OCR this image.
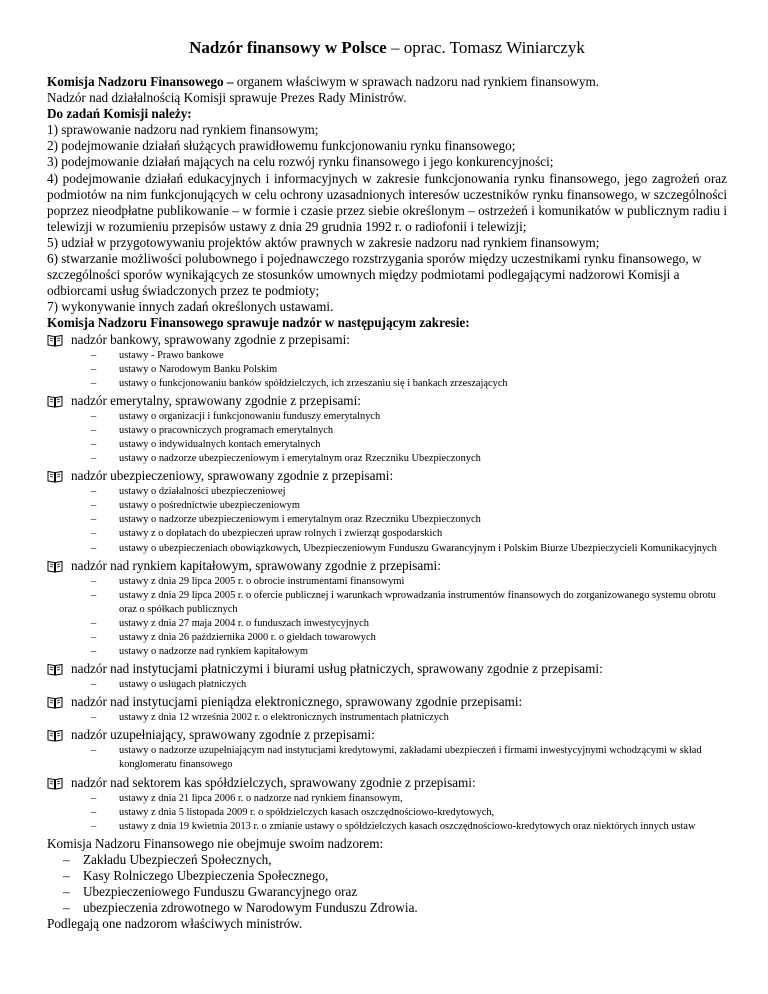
Nadzór finansowy w Polsce – oprac. Tomasz Winiarczyk
Komisja Nadzoru Finansowego – organem właściwym w sprawach nadzoru nad rynkiem finansowym.
Nadzór nad działalnością Komisji sprawuje Prezes Rady Ministrów.
Do zadań Komisji należy:
1) sprawowanie nadzoru nad rynkiem finansowym;
2) podejmowanie działań służących prawidłowemu funkcjonowaniu rynku finansowego;
3) podejmowanie działań mających na celu rozwój rynku finansowego i jego konkurencyjności;
4) podejmowanie działań edukacyjnych i informacyjnych w zakresie funkcjonowania rynku finansowego, jego zagrożeń oraz podmiotów na nim funkcjonujących w celu ochrony uzasadnionych interesów uczestników rynku finansowego, w szczególności poprzez nieodpłatne publikowanie – w formie i czasie przez siebie określonym – ostrzeżeń i komunikatów w publicznym radiu i telewizji w rozumieniu przepisów ustawy z dnia 29 grudnia 1992 r. o radiofonii i telewizji;
5) udział w przygotowywaniu projektów aktów prawnych w zakresie nadzoru nad rynkiem finansowym;
6) stwarzanie możliwości polubownego i pojednawczego rozstrzygania sporów między uczestnikami rynku finansowego, w szczególności sporów wynikających ze stosunków umownych między podmiotami podlegającymi nadzorowi Komisji a odbiorcami usług świadczonych przez te podmioty;
7) wykonywanie innych zadań określonych ustawami.
Komisja Nadzoru Finansowego sprawuje nadzór w następującym zakresie:
nadzór bankowy, sprawowany zgodnie z przepisami:
– ustawy - Prawo bankowe
– ustawy o Narodowym Banku Polskim
– ustawy o funkcjonowaniu banków spółdzielczych, ich zrzeszaniu się i bankach zrzeszających
nadzór emerytalny, sprawowany zgodnie z przepisami:
– ustawy o organizacji i funkcjonowaniu funduszy emerytalnych
– ustawy o pracowniczych programach emerytalnych
– ustawy o indywidualnych kontach emerytalnych
– ustawy o nadzorze ubezpieczeniowym i emerytalnym oraz Rzeczniku Ubezpieczonych
nadzór ubezpieczeniowy, sprawowany zgodnie z przepisami:
– ustawy o działalności ubezpieczeniowej
– ustawy o pośrednictwie ubezpieczeniowym
– ustawy o nadzorze ubezpieczeniowym i emerytalnym oraz Rzeczniku Ubezpieczonych
– ustawy z o dopłatach do ubezpieczeń upraw rolnych i zwierząt gospodarskich
– ustawy o ubezpieczeniach obowiązkowych, Ubezpieczeniowym Funduszu Gwarancyjnym i Polskim Biurze Ubezpieczycieli Komunikacyjnych
nadzór nad rynkiem kapitałowym, sprawowany zgodnie z przepisami:
– ustawy z dnia 29 lipca 2005 r. o obrocie instrumentami finansowymi
– ustawy z dnia 29 lipca 2005 r. o ofercie publicznej i warunkach wprowadzania instrumentów finansowych do zorganizowanego systemu obrotu oraz o spółkach publicznych
– ustawy z dnia 27 maja 2004 r. o funduszach inwestycyjnych
– ustawy z dnia 26 października 2000 r. o giełdach towarowych
– ustawy o nadzorze nad rynkiem kapitałowym
nadzór nad instytucjami płatniczymi i biurami usług płatniczych, sprawowany zgodnie z przepisami:
– ustawy o usługach płatniczych
nadzór nad instytucjami pieniądza elektronicznego, sprawowany zgodnie przepisami:
– ustawy z dnia 12 września 2002 r. o elektronicznych instrumentach płatniczych
nadzór uzupełniający, sprawowany zgodnie z przepisami:
– ustawy o nadzorze uzupełniającym nad instytucjami kredytowymi, zakładami ubezpieczeń i firmami inwestycyjnymi wchodzącymi w skład konglomeratu finansowego
nadzór nad sektorem kas spółdzielczych, sprawowany zgodnie z przepisami:
– ustawy z dnia 21 lipca 2006 r. o nadzorze nad rynkiem finansowym,
– ustawy z dnia 5 listopada 2009 r. o spółdzielczych kasach oszczędnościowo-kredytowych,
– ustawy z dnia 19 kwietnia 2013 r. o zmianie ustawy o spółdzielczych kasach oszczędnościowo-kredytowych oraz niektórych innych ustaw
Komisja Nadzoru Finansowego nie obejmuje swoim nadzorem:
– Zakładu Ubezpieczeń Społecznych,
– Kasy Rolniczego Ubezpieczenia Społecznego,
– Ubezpieczeniowego Funduszu Gwarancyjnego oraz
– ubezpieczenia zdrowotnego w Narodowym Funduszu Zdrowia.
Podlegają one nadzorom właściwych ministrów.
